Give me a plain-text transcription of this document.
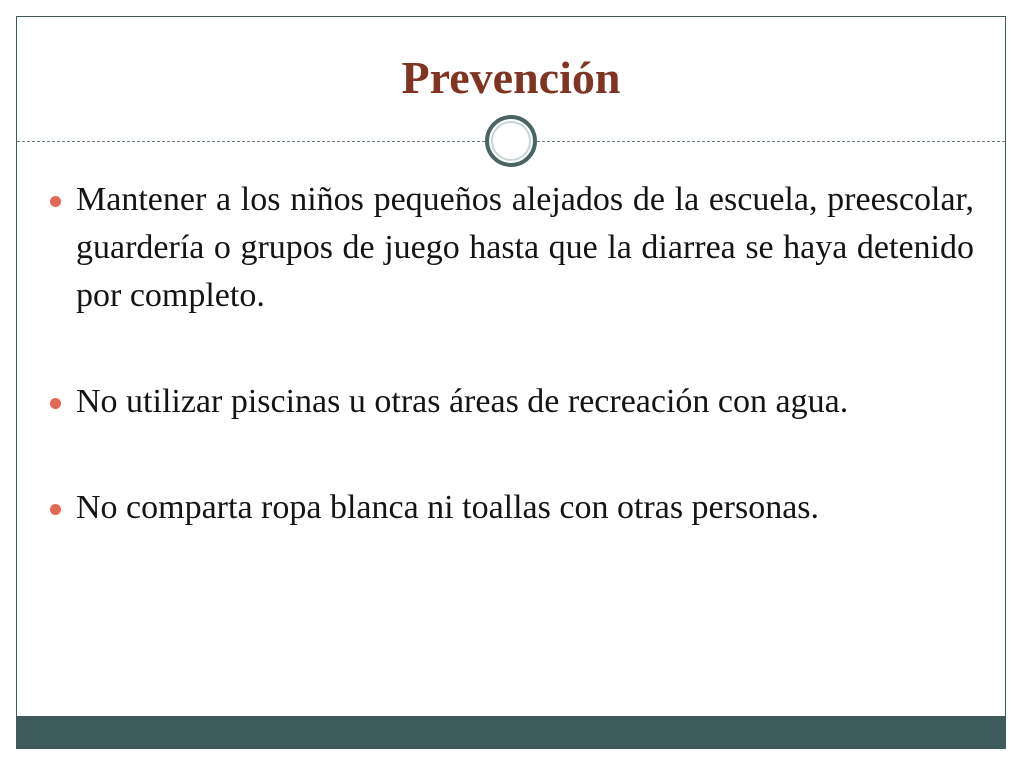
Prevención
Mantener a los niños pequeños alejados de la escuela, preescolar, guardería o grupos de juego hasta que la diarrea se haya detenido por completo.
No utilizar piscinas u otras áreas de recreación con agua.
No comparta ropa blanca ni toallas con otras personas.
